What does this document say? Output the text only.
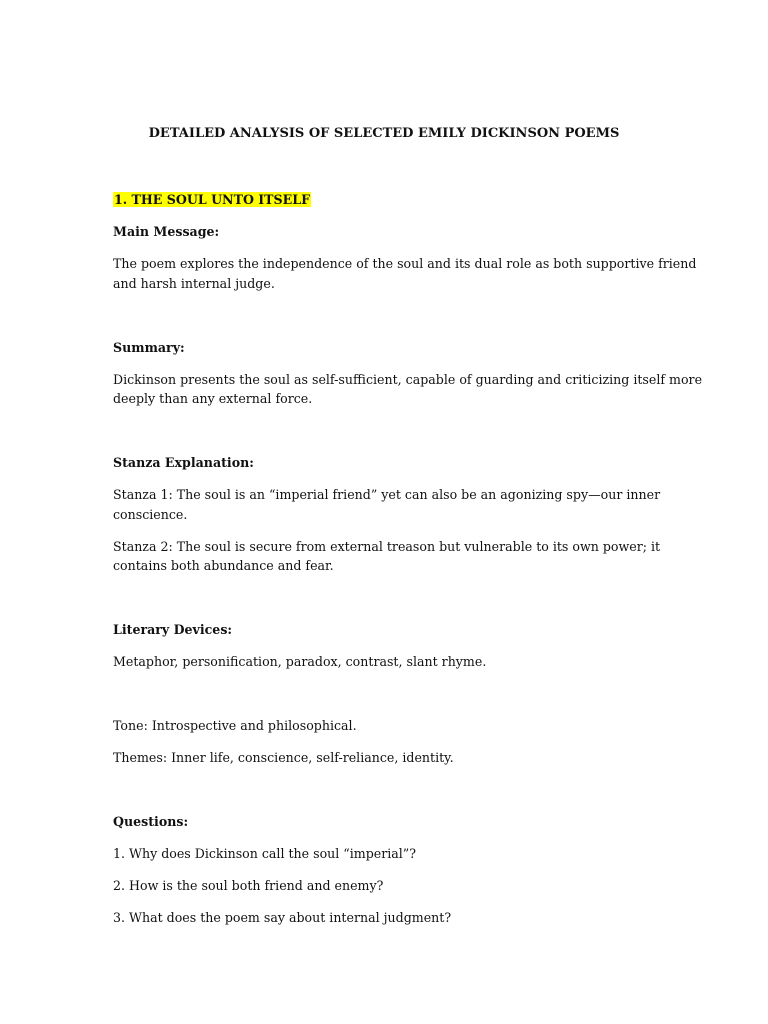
DETAILED ANALYSIS OF SELECTED EMILY DICKINSON POEMS

1. THE SOUL UNTO ITSELF

Main Message:

The poem explores the independence of the soul and its dual role as both supportive friend

and harsh internal judge.

Summary:

Dickinson presents the soul as self-sufficient, capable of guarding and criticizing itself more

deeply than any external force.

Stanza Explanation:

Stanza 1: The soul is an “imperial friend” yet can also be an agonizing spy—our inner

conscience.

Stanza 2: The soul is secure from external treason but vulnerable to its own power; it

contains both abundance and fear.

Literary Devices:

Metaphor, personification, paradox, contrast, slant rhyme.

Tone: Introspective and philosophical.

Themes: Inner life, conscience, self-reliance, identity.

Questions:

1. Why does Dickinson call the soul “imperial”?

2. How is the soul both friend and enemy?

3. What does the poem say about internal judgment?
